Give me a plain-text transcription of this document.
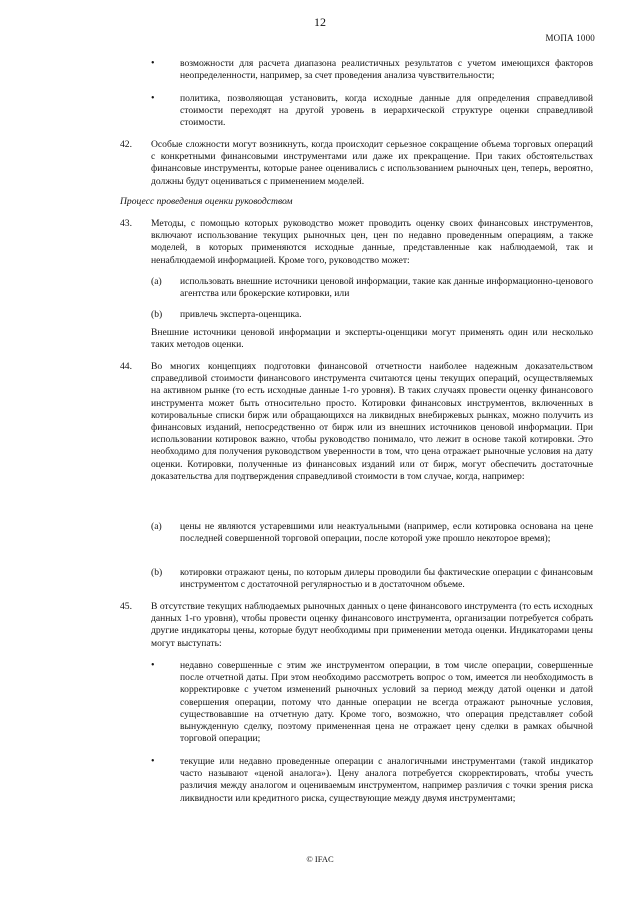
12
МОПА 1000
•	возможности для расчета диапазона реалистичных результатов с учетом имеющихся факторов неопределенности, например, за счет проведения анализа чувствительности;
•	политика, позволяющая установить, когда исходные данные для определения справедливой стоимости переходят на другой уровень в иерархической структуре оценки справедливой стоимости.
42. Особые сложности могут возникнуть, когда происходит серьезное сокращение объема торговых операций с конкретными финансовыми инструментами или даже их прекращение. При таких обстоятельствах финансовые инструменты, которые ранее оценивались с использованием рыночных цен, теперь, вероятно, должны будут оцениваться с применением моделей.
Процесс проведения оценки руководством
43. Методы, с помощью которых руководство может проводить оценку своих финансовых инструментов, включают использование текущих рыночных цен, цен по недавно проведенным операциям, а также моделей, в которых применяются исходные данные, представленные как наблюдаемой, так и ненаблюдаемой информацией. Кроме того, руководство может:
(a) использовать внешние источники ценовой информации, такие как данные информационно-ценового агентства или брокерские котировки, или
(b) привлечь эксперта-оценщика.
Внешние источники ценовой информации и эксперты-оценщики могут применять один или несколько таких методов оценки.
44. Во многих концепциях подготовки финансовой отчетности наиболее надежным доказательством справедливой стоимости финансового инструмента считаются цены текущих операций, осуществляемых на активном рынке (то есть исходные данные 1-го уровня). В таких случаях провести оценку финансового инструмента может быть относительно просто. Котировки финансовых инструментов, включенных в котировальные списки бирж или обращающихся на ликвидных внебиржевых рынках, можно получить из финансовых изданий, непосредственно от бирж или из внешних источников ценовой информации. При использовании котировок важно, чтобы руководство понимало, что лежит в основе такой котировки. Это необходимо для получения руководством уверенности в том, что цена отражает рыночные условия на дату оценки. Котировки, полученные из финансовых изданий или от бирж, могут обеспечить достаточные доказательства для подтверждения справедливой стоимости в том случае, когда, например:
(a) цены не являются устаревшими или неактуальными (например, если котировка основана на цене последней совершенной торговой операции, после которой уже прошло некоторое время);
(b) котировки отражают цены, по которым дилеры проводили бы фактические операции с финансовым инструментом с достаточной регулярностью и в достаточном объеме.
45. В отсутствие текущих наблюдаемых рыночных данных о цене финансового инструмента (то есть исходных данных 1-го уровня), чтобы провести оценку финансового инструмента, организации потребуется собрать другие индикаторы цены, которые будут необходимы при применении метода оценки. Индикаторами цены могут выступать:
•	недавно совершенные с этим же инструментом операции, в том числе операции, совершенные после отчетной даты. При этом необходимо рассмотреть вопрос о том, имеется ли необходимость в корректировке с учетом изменений рыночных условий за период между датой оценки и датой совершения операции, потому что данные операции не всегда отражают рыночные условия, существовавшие на отчетную дату. Кроме того, возможно, что операция представляет собой вынужденную сделку, поэтому примененная цена не отражает цену сделки в рамках обычной торговой операции;
•	текущие или недавно проведенные операции с аналогичными инструментами (такой индикатор часто называют «ценой аналога»). Цену аналога потребуется скорректировать, чтобы учесть различия между аналогом и оцениваемым инструментом, например различия с точки зрения риска ликвидности или кредитного риска, существующие между двумя инструментами;
© IFAC
